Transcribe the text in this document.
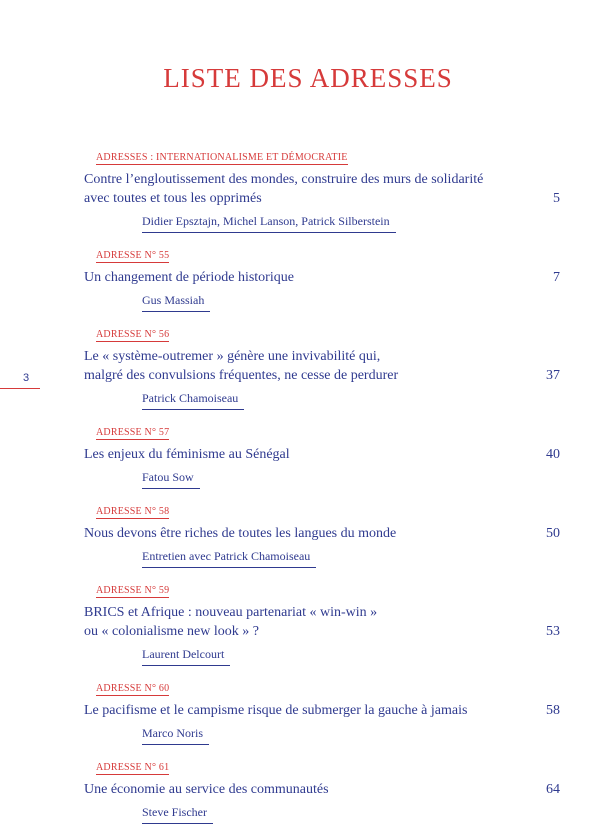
LISTE DES ADRESSES
3
ADRESSES : INTERNATIONALISME ET DÉMOCRATIE
Contre l’engloutissement des mondes, construire des murs de solidarité
avec toutes et tous les opprimés	5
Didier Epsztajn, Michel Lanson, Patrick Silberstein
ADRESSE N° 55
Un changement de période historique	7
Gus Massiah
ADRESSE N° 56
Le « système-outremer » génère une invivabilité qui,
malgré des convulsions fréquentes, ne cesse de perdurer	37
Patrick Chamoiseau
ADRESSE N° 57
Les enjeux du féminisme au Sénégal	40
Fatou Sow
ADRESSE N° 58
Nous devons être riches de toutes les langues du monde	50
Entretien avec Patrick Chamoiseau
ADRESSE N° 59
BRICS et Afrique : nouveau partenariat « win-win »
ou « colonialisme new look » ?	53
Laurent Delcourt
ADRESSE N° 60
Le pacifisme et le campisme risque de submerger la gauche à jamais	58
Marco Noris
ADRESSE N° 61
Une économie au service des communautés	64
Steve Fischer
